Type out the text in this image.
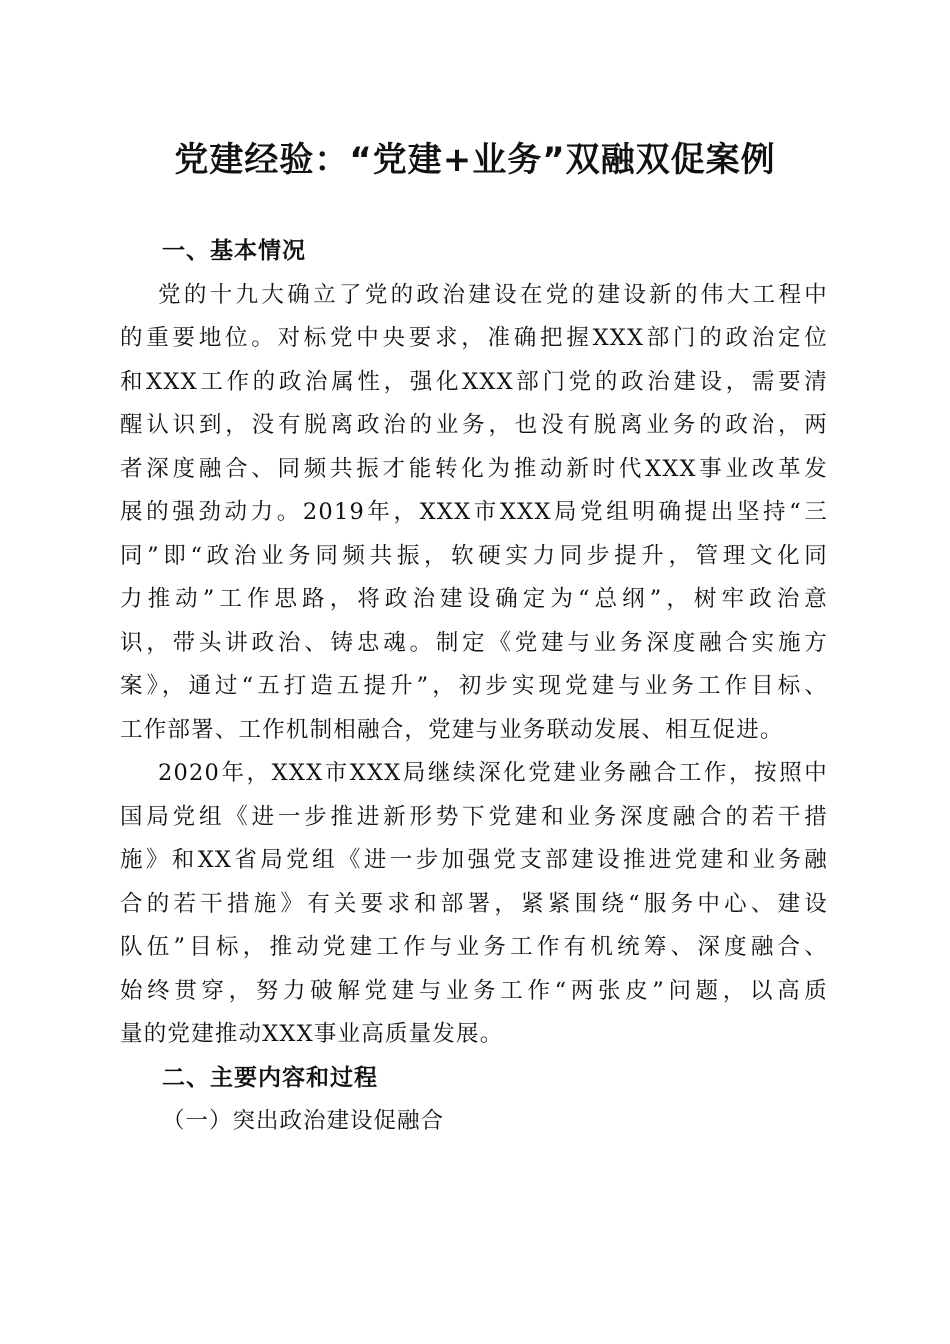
党建经验：“党建+业务”双融双促案例
一、基本情况
党的十九大确立了党的政治建设在党的建设新的伟大工程中
的重要地位。对标党中央要求，准确把握XXX部门的政治定位
和XXX工作的政治属性，强化XXX部门党的政治建设，需要清
醒认识到，没有脱离政治的业务，也没有脱离业务的政治，两
者深度融合、同频共振才能转化为推动新时代XXX事业改革发
展的强劲动力。2019年，XXX市XXX局党组明确提出坚持“三
同”即“政治业务同频共振，软硬实力同步提升，管理文化同
力推动”工作思路，将政治建设确定为“总纲”，树牢政治意
识，带头讲政治、铸忠魂。制定《党建与业务深度融合实施方
案》，通过“五打造五提升”，初步实现党建与业务工作目标、
工作部署、工作机制相融合，党建与业务联动发展、相互促进。
2020年，XXX市XXX局继续深化党建业务融合工作，按照中
国局党组《进一步推进新形势下党建和业务深度融合的若干措
施》和XX省局党组《进一步加强党支部建设推进党建和业务融
合的若干措施》有关要求和部署，紧紧围绕“服务中心、建设
队伍”目标，推动党建工作与业务工作有机统筹、深度融合、
始终贯穿，努力破解党建与业务工作“两张皮”问题，以高质
量的党建推动XXX事业高质量发展。
二、主要内容和过程
（一）突出政治建设促融合
